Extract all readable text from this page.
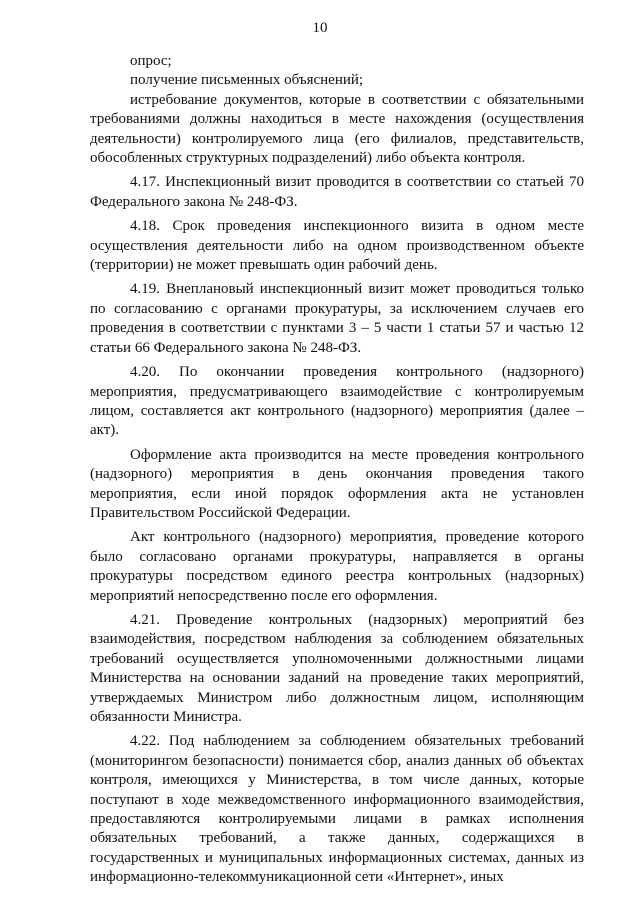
10

опрос;

получение письменных объяснений;

истребование документов, которые в соответствии с обязательными требованиями должны находиться в месте нахождения (осуществления деятельности) контролируемого лица (его филиалов, представительств, обособленных структурных подразделений) либо объекта контроля.

4.17. Инспекционный визит проводится в соответствии со статьей 70 Федерального закона № 248-ФЗ.

4.18. Срок проведения инспекционного визита в одном месте осуществления деятельности либо на одном производственном объекте (территории) не может превышать один рабочий день.

4.19. Внеплановый инспекционный визит может проводиться только по согласованию с органами прокуратуры, за исключением случаев его проведения в соответствии с пунктами 3 – 5 части 1 статьи 57 и частью 12 статьи 66 Федерального закона № 248-ФЗ.

4.20. По окончании проведения контрольного (надзорного) мероприятия, предусматривающего взаимодействие с контролируемым лицом, составляется акт контрольного (надзорного) мероприятия (далее – акт).

Оформление акта производится на месте проведения контрольного (надзорного) мероприятия в день окончания проведения такого мероприятия, если иной порядок оформления акта не установлен Правительством Российской Федерации.

Акт контрольного (надзорного) мероприятия, проведение которого было согласовано органами прокуратуры, направляется в органы прокуратуры посредством единого реестра контрольных (надзорных) мероприятий непосредственно после его оформления.

4.21. Проведение контрольных (надзорных) мероприятий без взаимодействия, посредством наблюдения за соблюдением обязательных требований осуществляется уполномоченными должностными лицами Министерства на основании заданий на проведение таких мероприятий, утверждаемых Министром либо должностным лицом, исполняющим обязанности Министра.

4.22. Под наблюдением за соблюдением обязательных требований (мониторингом безопасности) понимается сбор, анализ данных об объектах контроля, имеющихся у Министерства, в том числе данных, которые поступают в ходе межведомственного информационного взаимодействия, предоставляются контролируемыми лицами в рамках исполнения обязательных требований, а также данных, содержащихся в государственных и муниципальных информационных системах, данных из информационно-телекоммуникационной сети «Интернет», иных
